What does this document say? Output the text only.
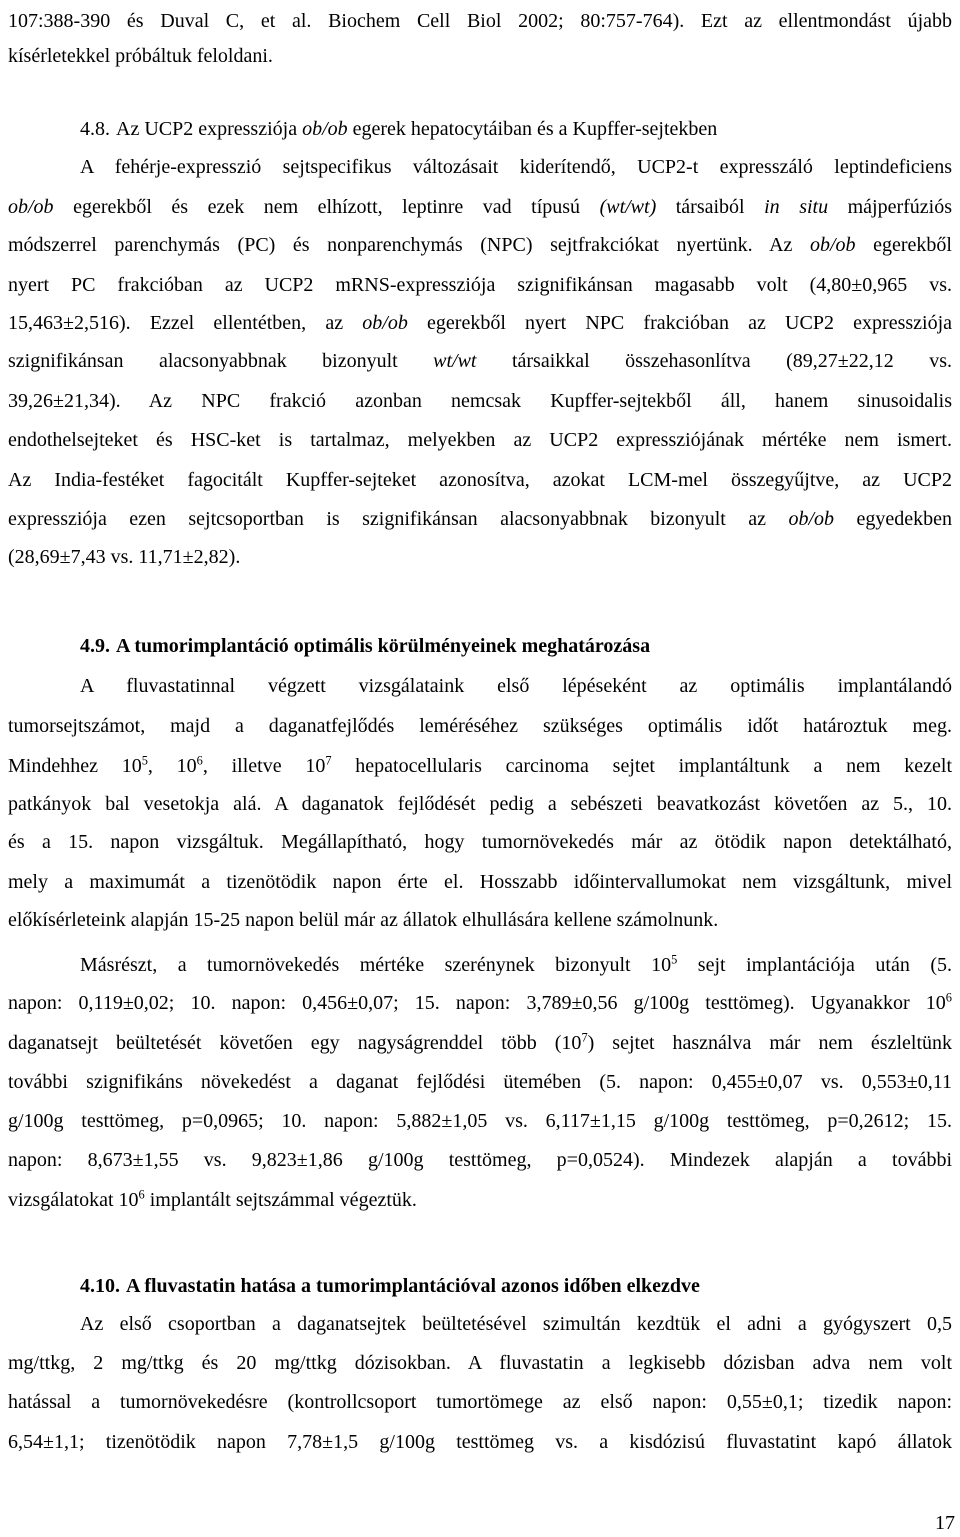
17
107:388-390 és Duval C, et al. Biochem Cell Biol 2002; 80:757-764). Ezt az ellentmondást újabb
kísérletekkel próbáltuk feloldani.
4.8. Az UCP2 expressziója ob/ob egerek hepatocytáiban és a Kupffer-sejtekben
A fehérje-expresszió sejtspecifikus változásait kiderítendő, UCP2-t expresszáló leptindeficiens
ob/ob egerekből és ezek nem elhízott, leptinre vad típusú (wt/wt) társaiból in situ májperfúziós
módszerrel parenchymás (PC) és nonparenchymás (NPC) sejtfrakciókat nyertünk. Az ob/ob egerekből
nyert PC frakcióban az UCP2 mRNS-expressziója szignifikánsan magasabb volt (4,80±0,965 vs.
15,463±2,516). Ezzel ellentétben, az ob/ob egerekből nyert NPC frakcióban az UCP2 expressziója
szignifikánsan alacsonyabbnak bizonyult wt/wt társaikkal összehasonlítva (89,27±22,12 vs.
39,26±21,34). Az NPC frakció azonban nemcsak Kupffer-sejtekből áll, hanem sinusoidalis
endothelsejteket és HSC-ket is tartalmaz, melyekben az UCP2 expressziójának mértéke nem ismert.
Az India-festéket fagocitált Kupffer-sejteket azonosítva, azokat LCM-mel összegyűjtve, az UCP2
expressziója ezen sejtcsoportban is szignifikánsan alacsonyabbnak bizonyult az ob/ob egyedekben
(28,69±7,43 vs. 11,71±2,82).
4.9. A tumorimplantáció optimális körülményeinek meghatározása
A fluvastatinnal végzett vizsgálataink első lépéseként az optimális implantálandó
tumorsejtszámot, majd a daganatfejlődés leméréséhez szükséges optimális időt határoztuk meg.
Mindehhez $10^5$, $10^6$, illetve $10^7$ hepatocellularis carcinoma sejtet implantáltunk a nem kezelt
patkányok bal vesetokja alá. A daganatok fejlődését pedig a sebészeti beavatkozást követően az 5., 10.
és a 15. napon vizsgáltuk. Megállapítható, hogy tumornövekedés már az ötödik napon detektálható,
mely a maximumát a tizenötödik napon érte el. Hosszabb időintervallumokat nem vizsgáltunk, mivel
előkísérleteink alapján 15-25 napon belül már az állatok elhullására kellene számolnunk.
Másrészt, a tumornövekedés mértéke szerénynek bizonyult $10^5$ sejt implantációja után (5.
napon: 0,119±0,02; 10. napon: 0,456±0,07; 15. napon: 3,789±0,56 g/100g testtömeg). Ugyanakkor $10^6$
daganatsejt beültetését követően egy nagyságrenddel több $(10^7)$ sejtet használva már nem észleltünk
további szignifikáns növekedést a daganat fejlődési ütemében (5. napon: 0,455±0,07 vs. 0,553±0,11
g/100g testtömeg, p=0,0965; 10. napon: 5,882±1,05 vs. 6,117±1,15 g/100g testtömeg, p=0,2612; 15.
napon: 8,673±1,55 vs. 9,823±1,86 g/100g testtömeg, p=0,0524). Mindezek alapján a további
vizsgálatokat $10^6$ implantált sejtszámmal végeztük.
4.10. A fluvastatin hatása a tumorimplantációval azonos időben elkezdve
Az első csoportban a daganatsejtek beültetésével szimultán kezdtük el adni a gyógyszert 0,5
mg/ttkg, 2 mg/ttkg és 20 mg/ttkg dózisokban. A fluvastatin a legkisebb dózisban adva nem volt
hatással a tumornövekedésre (kontrollcsoport tumortömege az első napon: 0,55±0,1; tizedik napon:
6,54±1,1; tizenötödik napon 7,78±1,5 g/100g testtömeg vs. a kisdózisú fluvastatint kapó állatok
